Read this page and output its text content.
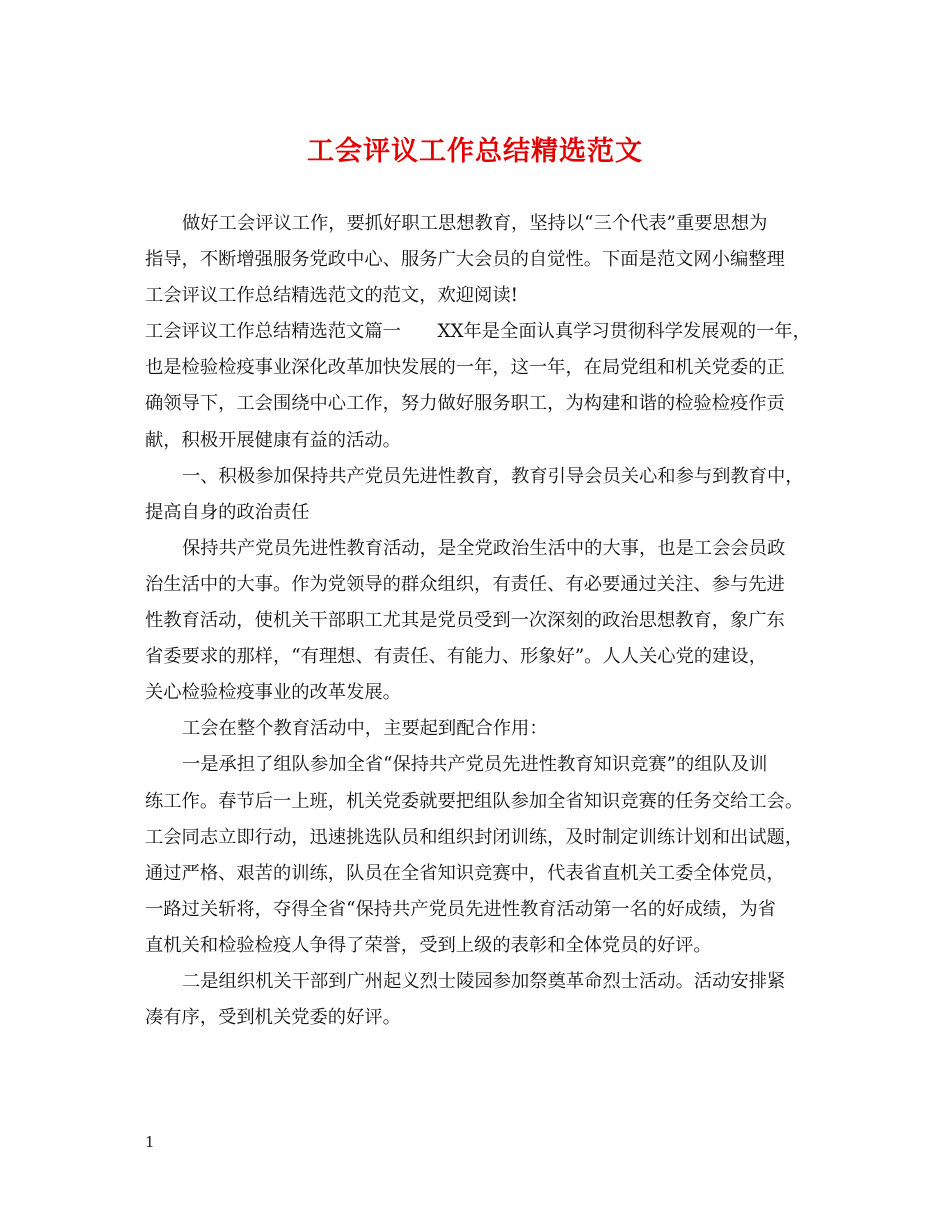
工会评议工作总结精选范文
做好工会评议工作，要抓好职工思想教育，坚持以“三个代表”重要思想为
指导，不断增强服务党政中心、服务广大会员的自觉性。下面是范文网小编整理
工会评议工作总结精选范文的范文，欢迎阅读!
工会评议工作总结精选范文篇一　　XX年是全面认真学习贯彻科学发展观的一年，
也是检验检疫事业深化改革加快发展的一年，这一年，在局党组和机关党委的正
确领导下，工会围绕中心工作，努力做好服务职工，为构建和谐的检验检疫作贡
献，积极开展健康有益的活动。
一、积极参加保持共产党员先进性教育，教育引导会员关心和参与到教育中，
提高自身的政治责任
保持共产党员先进性教育活动，是全党政治生活中的大事，也是工会会员政
治生活中的大事。作为党领导的群众组织，有责任、有必要通过关注、参与先进
性教育活动，使机关干部职工尤其是党员受到一次深刻的政治思想教育，象广东
省委要求的那样，“有理想、有责任、有能力、形象好”。人人关心党的建设，
关心检验检疫事业的改革发展。
工会在整个教育活动中，主要起到配合作用：
一是承担了组队参加全省“保持共产党员先进性教育知识竞赛”的组队及训
练工作。春节后一上班，机关党委就要把组队参加全省知识竞赛的任务交给工会。
工会同志立即行动，迅速挑选队员和组织封闭训练，及时制定训练计划和出试题，
通过严格、艰苦的训练，队员在全省知识竞赛中，代表省直机关工委全体党员，
一路过关斩将，夺得全省“保持共产党员先进性教育活动第一名的好成绩，为省
直机关和检验检疫人争得了荣誉，受到上级的表彰和全体党员的好评。
二是组织机关干部到广州起义烈士陵园参加祭奠革命烈士活动。活动安排紧
凑有序，受到机关党委的好评。
1
